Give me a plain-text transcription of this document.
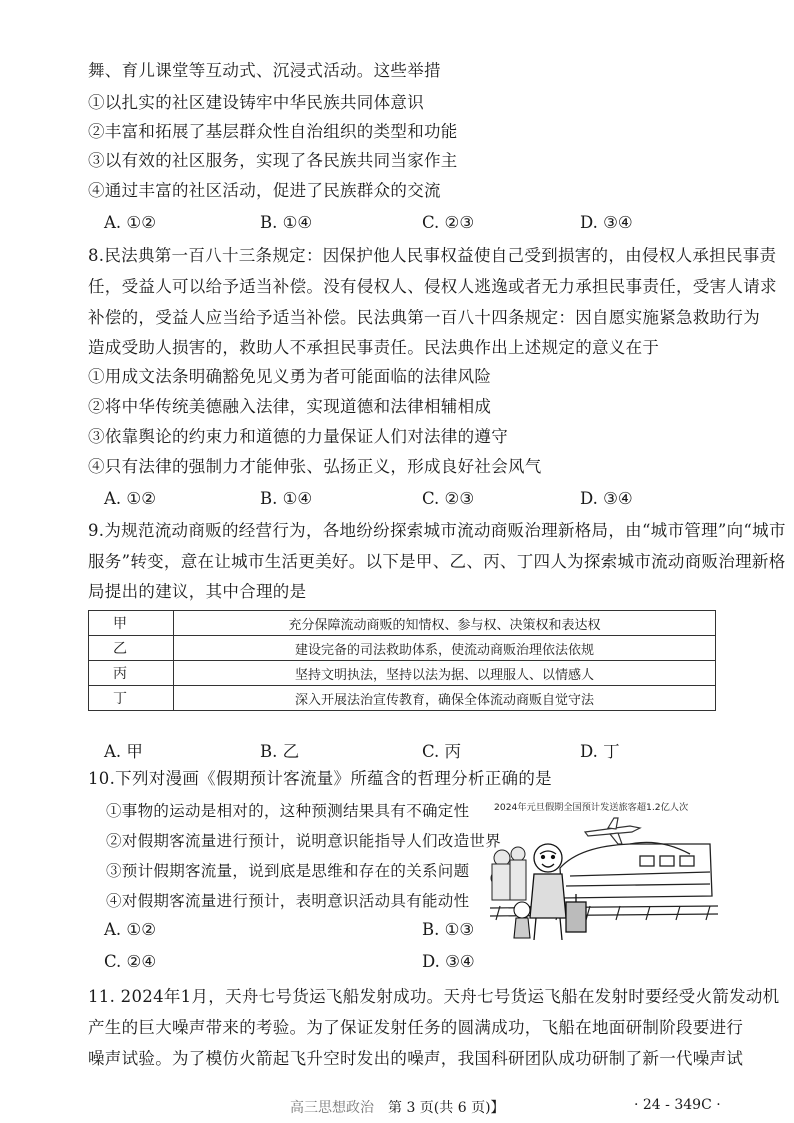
舞、育儿课堂等互动式、沉浸式活动。这些举措
①以扎实的社区建设铸牢中华民族共同体意识
②丰富和拓展了基层群众性自治组织的类型和功能
③以有效的社区服务，实现了各民族共同当家作主
④通过丰富的社区活动，促进了民族群众的交流
A. ①②	B. ①④	C. ②③	D. ③④
8.民法典第一百八十三条规定：因保护他人民事权益使自己受到损害的，由侵权人承担民事责
任，受益人可以给予适当补偿。没有侵权人、侵权人逃逸或者无力承担民事责任，受害人请求
补偿的，受益人应当给予适当补偿。民法典第一百八十四条规定：因自愿实施紧急救助行为
造成受助人损害的，救助人不承担民事责任。民法典作出上述规定的意义在于
①用成文法条明确豁免见义勇为者可能面临的法律风险
②将中华传统美德融入法律，实现道德和法律相辅相成
③依靠舆论的约束力和道德的力量保证人们对法律的遵守
④只有法律的强制力才能伸张、弘扬正义，形成良好社会风气
A. ①②	B. ①④	C. ②③	D. ③④
9.为规范流动商贩的经营行为，各地纷纷探索城市流动商贩治理新格局，由“城市管理”向“城市
服务”转变，意在让城市生活更美好。以下是甲、乙、丙、丁四人为探索城市流动商贩治理新格
局提出的建议，其中合理的是
甲	充分保障流动商贩的知情权、参与权、决策权和表达权
乙	建设完备的司法救助体系，使流动商贩治理依法依规
丙	坚持文明执法，坚持以法为据、以理服人、以情感人
丁	深入开展法治宣传教育，确保全体流动商贩自觉守法
A. 甲	B. 乙	C. 丙	D. 丁
10.下列对漫画《假期预计客流量》所蕴含的哲理分析正确的是
①事物的运动是相对的，这种预测结果具有不确定性
②对假期客流量进行预计，说明意识能指导人们改造世界
③预计假期客流量，说到底是思维和存在的关系问题
④对假期客流量进行预计，表明意识活动具有能动性
A. ①②	B. ①③
C. ②④	D. ③④
2024年元旦假期全国预计发送旅客超1.2亿人次
11. 2024年1月，天舟七号货运飞船发射成功。天舟七号货运飞船在发射时要经受火箭发动机
产生的巨大噪声带来的考验。为了保证发射任务的圆满成功，飞船在地面研制阶段要进行
噪声试验。为了模仿火箭起飞升空时发出的噪声，我国科研团队成功研制了新一代噪声试
高三思想政治 第 3 页(共 6 页)】	· 24 - 349C ·
